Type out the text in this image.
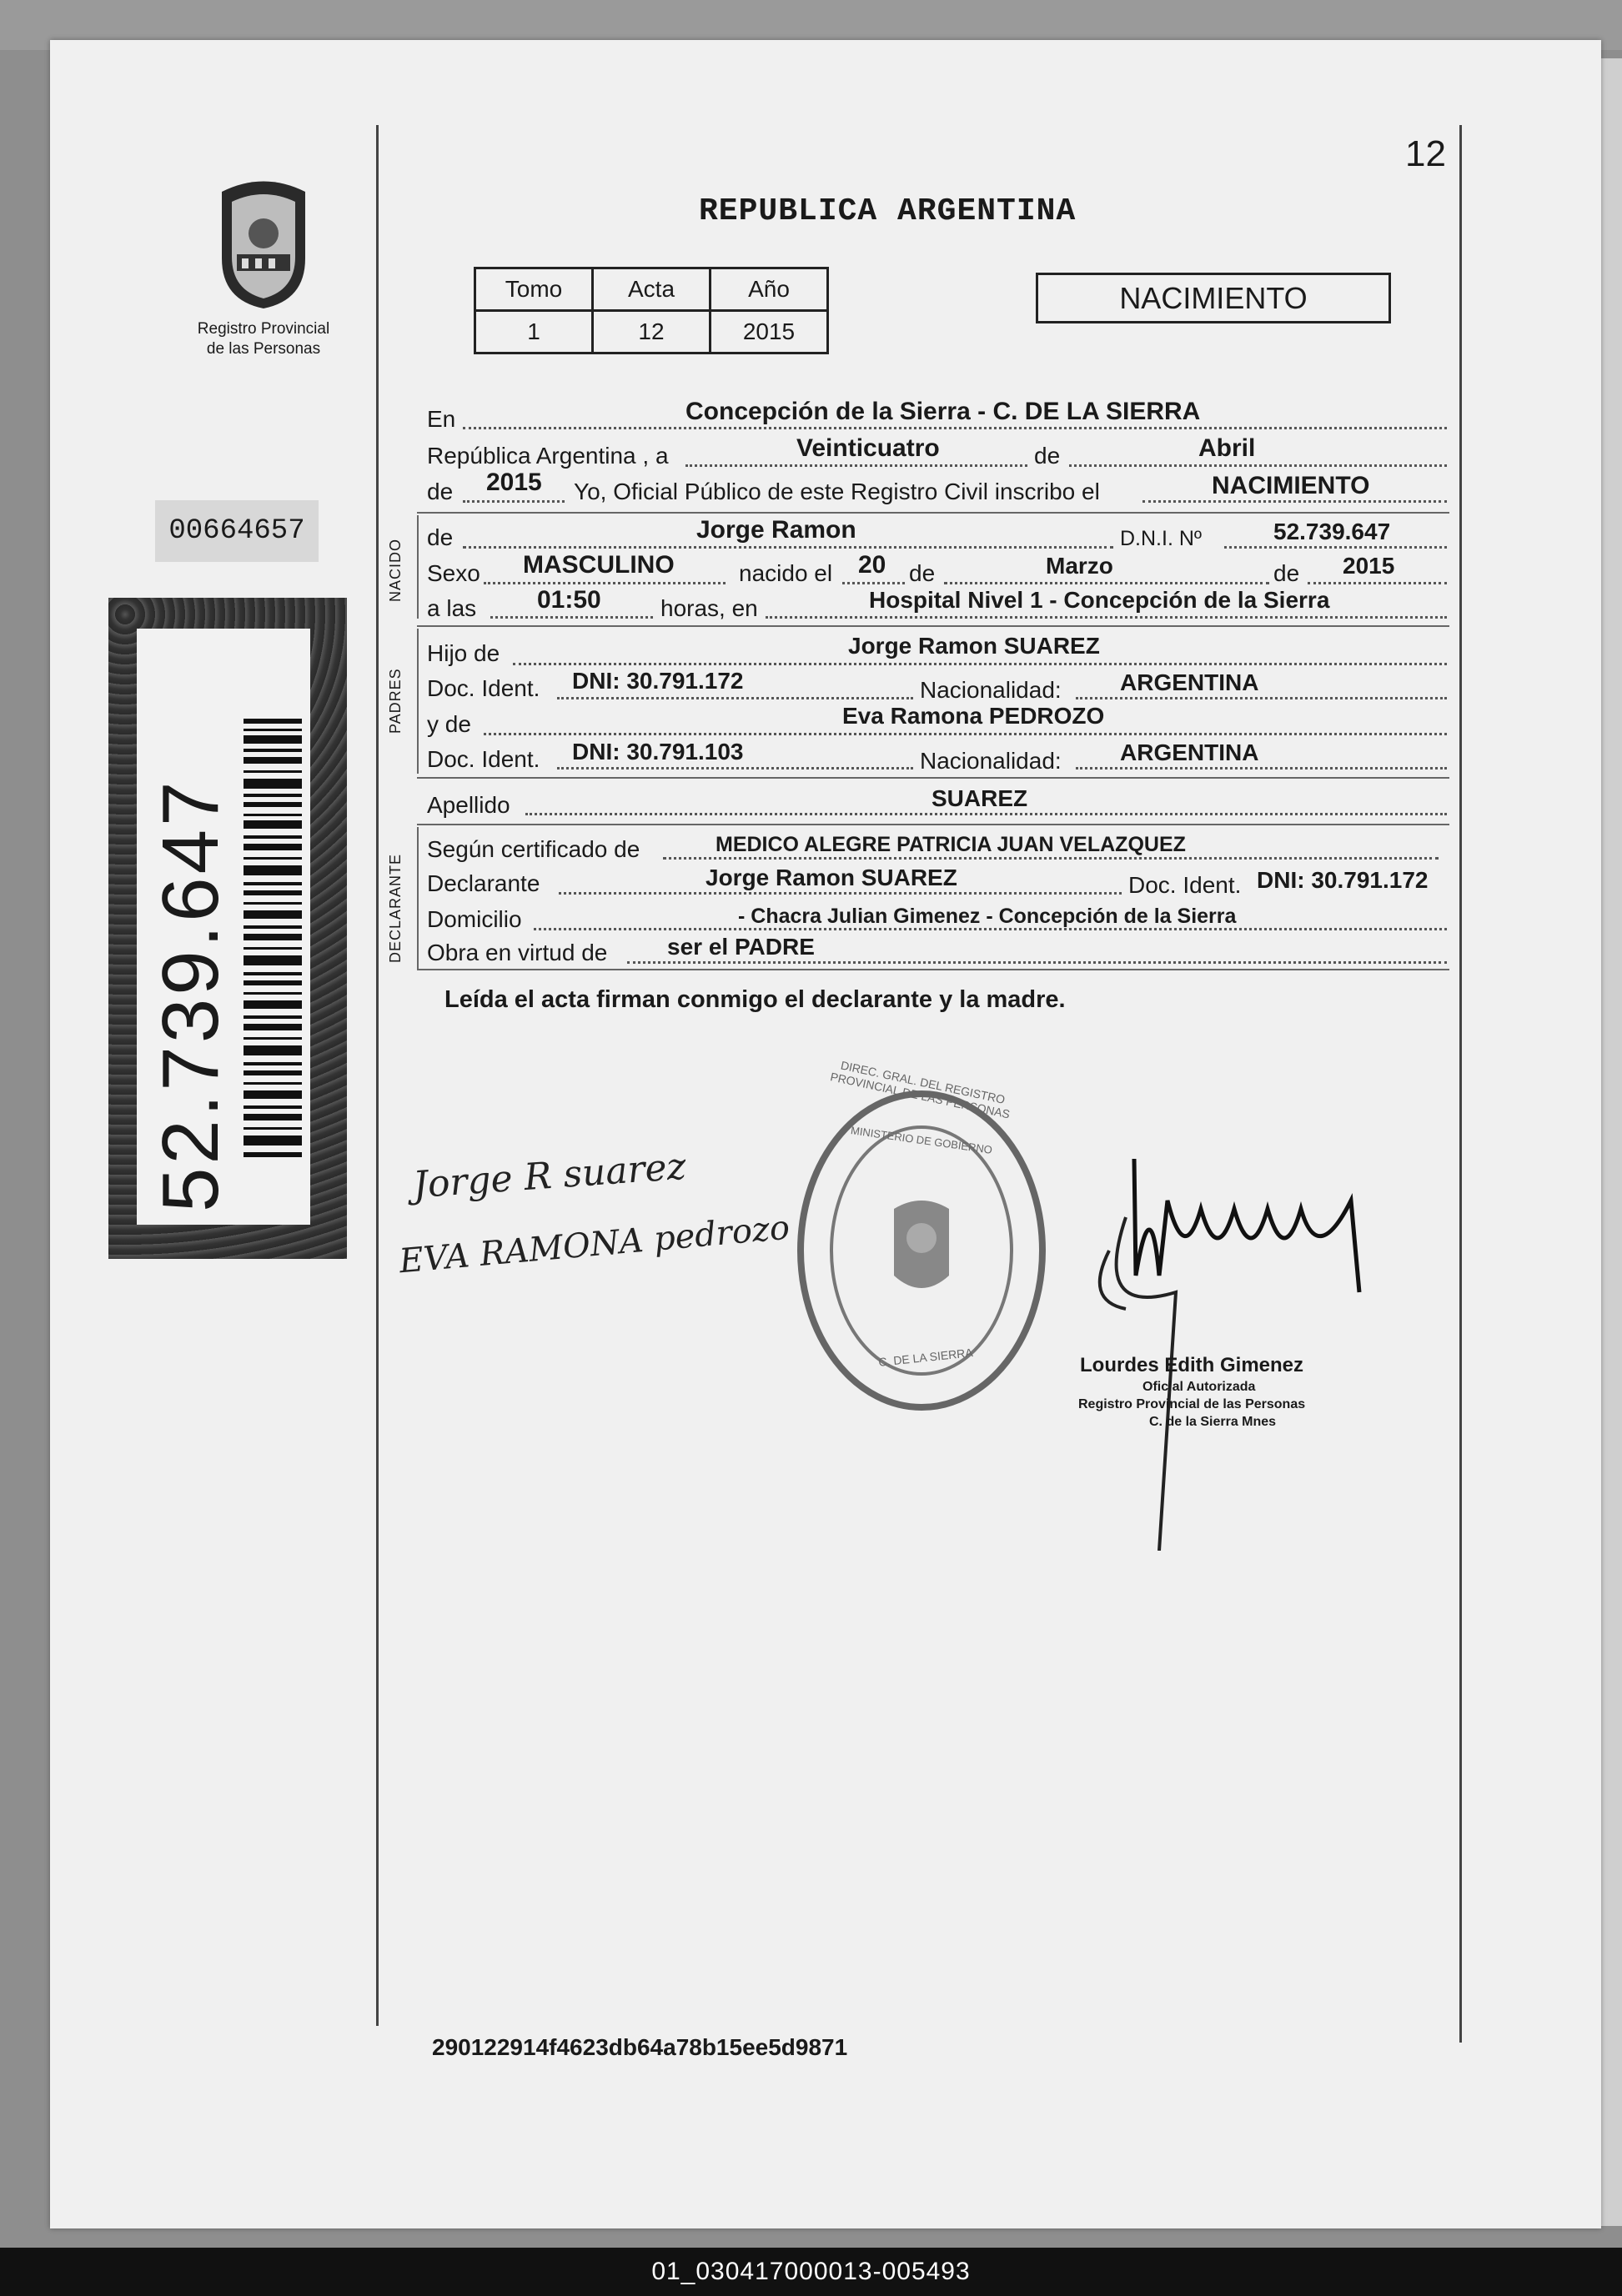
12
REPUBLICA ARGENTINA
Registro Provincial
de las Personas
00664657
52.739.647
Tomo	Acta	Año
1	12	2015
NACIMIENTO
En	Concepción de la Sierra - C. DE LA SIERRA
República Argentina , a	Veinticuatro	de	Abril
de 2015 Yo, Oficial Público de este Registro Civil inscribo el	NACIMIENTO
NACIDO
de	Jorge Ramon	D.N.I. Nº	52.739.647
Sexo MASCULINO	nacido el 20 de	Marzo	de 2015
a las 01:50	horas, en	Hospital Nivel 1 - Concepción de la Sierra
PADRES
Hijo de	Jorge Ramon SUAREZ
Doc. Ident. DNI: 30.791.172	Nacionalidad:	ARGENTINA
y de	Eva Ramona PEDROZO
Doc. Ident. DNI: 30.791.103	Nacionalidad:	ARGENTINA
Apellido	SUAREZ
DECLARANTE
Según certificado de	MEDICO ALEGRE PATRICIA JUAN VELAZQUEZ
Declarante	Jorge Ramon SUAREZ	Doc. Ident. DNI: 30.791.172
Domicilio	- Chacra Julian Gimenez - Concepción de la Sierra
Obra en virtud de	ser el PADRE
Leída el acta firman conmigo el declarante y la madre.
Jorge R suarez
EVA RAMONA pedrozo
DIREC. GRAL. DEL REGISTRO PROVINCIAL DE LAS PERSONAS
MINISTERIO DE GOBIERNO
C. DE LA SIERRA	Lourdes Edith Gimenez
Oficial Autorizada
Registro Provincial de las Personas
C. de la Sierra Mnes
290122914f4623db64a78b15ee5d9871
01_030417000013-005493
